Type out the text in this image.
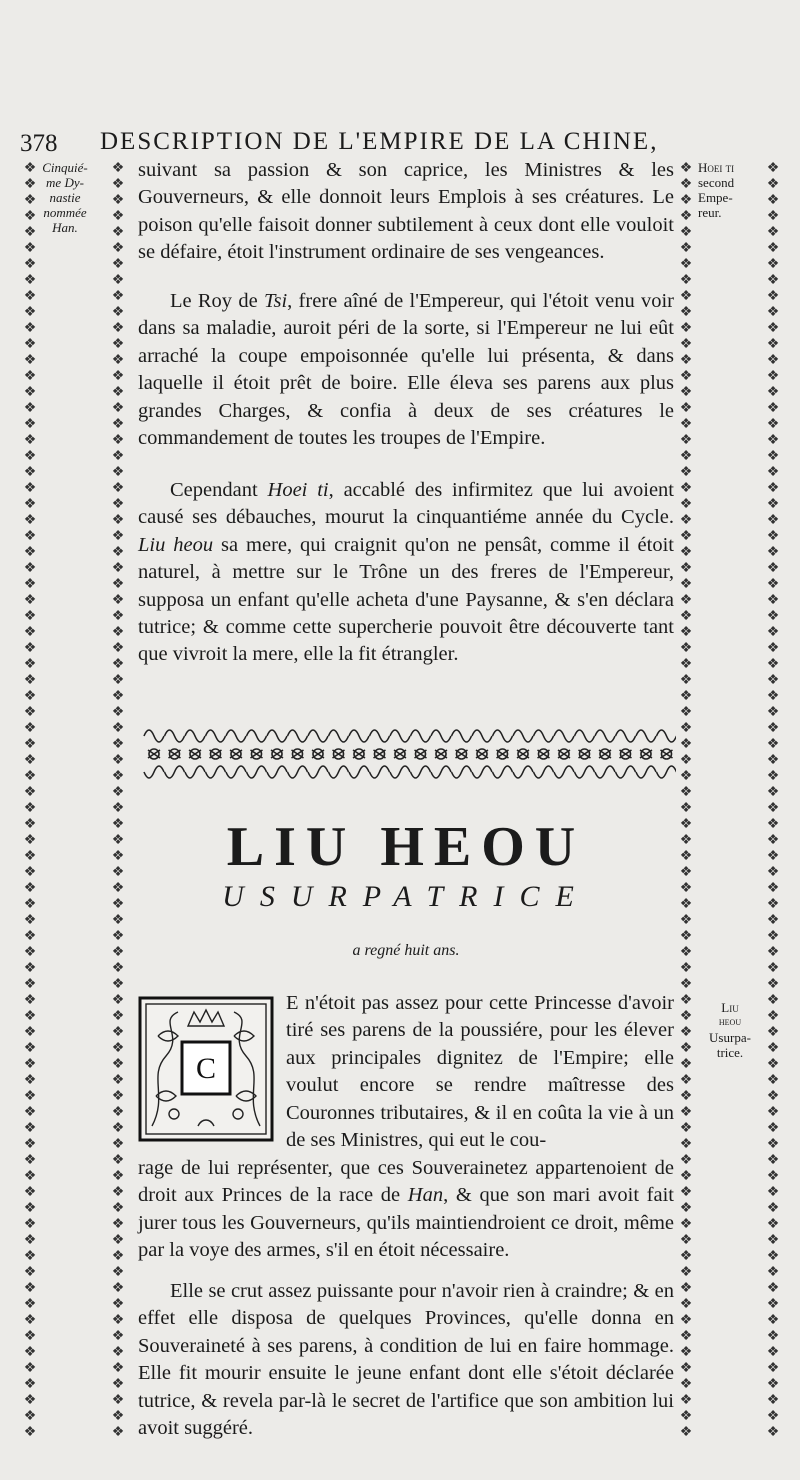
378 DESCRIPTION DE L'EMPIRE DE LA CHINE,
❖
❖
❖
❖
❖
❖
❖
❖
❖
❖
❖
❖
❖
❖
❖
❖
❖
❖
❖
❖
❖
❖
❖
❖
❖
❖
❖
❖
❖
❖
❖
❖
❖
❖
❖
❖
❖
❖
❖
❖
❖
❖
❖
❖
❖
❖
❖
❖
❖
❖
❖
❖
❖
❖
❖
❖
❖
❖
❖
❖
❖
❖
❖
❖
❖
❖
❖
❖
❖
❖
❖
❖
❖
❖
❖
❖
❖
❖
❖
❖
❖
❖
❖
❖
❖
❖
❖
❖
❖
❖
❖
❖
❖
❖
❖
❖
❖
❖
❖
❖
❖
❖
❖
❖
❖
❖
❖
❖
❖
❖
❖
❖
❖
❖
❖
❖
❖
❖
❖
❖
❖
❖
❖
❖
❖
❖
❖
❖
❖
❖
❖
❖
❖
❖
❖
❖
❖
❖
❖
❖
❖
❖
❖
❖
❖
❖
❖
❖
❖
❖
❖
❖
❖
❖
❖
❖
❖
❖
❖
❖
❖
❖
❖
❖
❖
❖
❖
❖
❖
❖
❖
❖
❖
❖
❖
❖
❖
❖
❖
❖
❖
❖
❖
❖
❖
❖
❖
❖
❖
❖
❖
❖
❖
❖
❖
❖
❖
❖
❖
❖
❖
❖
❖
❖
❖
❖
❖
❖
❖
❖
❖
❖
❖
❖
❖
❖
❖
❖
❖
❖
❖
❖
❖
❖
❖
❖
❖
❖
❖
❖
❖
❖
❖
❖
❖
❖
❖
❖
❖
❖
❖
❖
❖
❖
❖
❖
❖
❖
❖
❖
❖
❖
❖
❖
❖
❖
❖
❖
❖
❖
❖
❖
❖
❖
❖
❖
❖
❖
❖
❖
❖
❖
❖
❖
❖
❖
❖
❖
❖
❖
❖
❖
❖
❖
❖
❖
❖
❖
❖
❖
❖
❖
❖
❖
❖
❖
❖
❖
❖
❖
❖
❖
❖
❖
❖
❖
❖
❖
❖
❖
❖
❖
❖
❖
❖
❖
❖
❖
❖
❖
Cinquié-
me Dy-
nastie
nommée
Han.
Hoei ti
second
Empe-
reur.
Liu
heou
Usurpa-
trice.
suivant sa passion & son caprice, les Ministres & les Gouverneurs, & elle donnoit leurs Emplois à ses créatures. Le poison qu'elle faisoit donner subtilement à ceux dont elle vouloit se défaire, étoit l'instrument ordinaire de ses vengeances.
Le Roy de Tsi, frere aîné de l'Empereur, qui l'étoit venu voir dans sa maladie, auroit péri de la sorte, si l'Empereur ne lui eût arraché la coupe empoisonnée qu'elle lui présenta, & dans laquelle il étoit prêt de boire. Elle éleva ses parens aux plus grandes Charges, & confia à deux de ses créatures le commandement de toutes les troupes de l'Empire.
Cependant Hoei ti, accablé des infirmitez que lui avoient causé ses débauches, mourut la cinquantiéme année du Cycle. Liu heou sa mere, qui craignit qu'on ne pensât, comme il étoit naturel, à mettre sur le Trône un des freres de l'Empereur, supposa un enfant qu'elle acheta d'une Paysanne, & s'en déclara tutrice; & comme cette supercherie pouvoit être découverte tant que vivroit la mere, elle la fit étrangler.
LIU HEOU
USURPATRICE
a regné huit ans.
C
E n'étoit pas assez pour cette Princesse d'avoir tiré ses parens de la poussiére, pour les élever aux principales dignitez de l'Empire; elle voulut encore se rendre maîtresse des Couronnes tributaires, & il en coûta la vie à un de ses Ministres, qui eut le cou-
rage de lui représenter, que ces Souverainetez appartenoient de droit aux Princes de la race de Han, & que son mari avoit fait jurer tous les Gouverneurs, qu'ils maintiendroient ce droit, même par la voye des armes, s'il en étoit nécessaire.
Elle se crut assez puissante pour n'avoir rien à craindre; & en effet elle disposa de quelques Provinces, qu'elle donna en Souveraineté à ses parens, à condition de lui en faire hommage. Elle fit mourir ensuite le jeune enfant dont elle s'étoit déclarée tutrice, & revela par-là le secret de l'artifice que son ambition lui avoit suggéré.
